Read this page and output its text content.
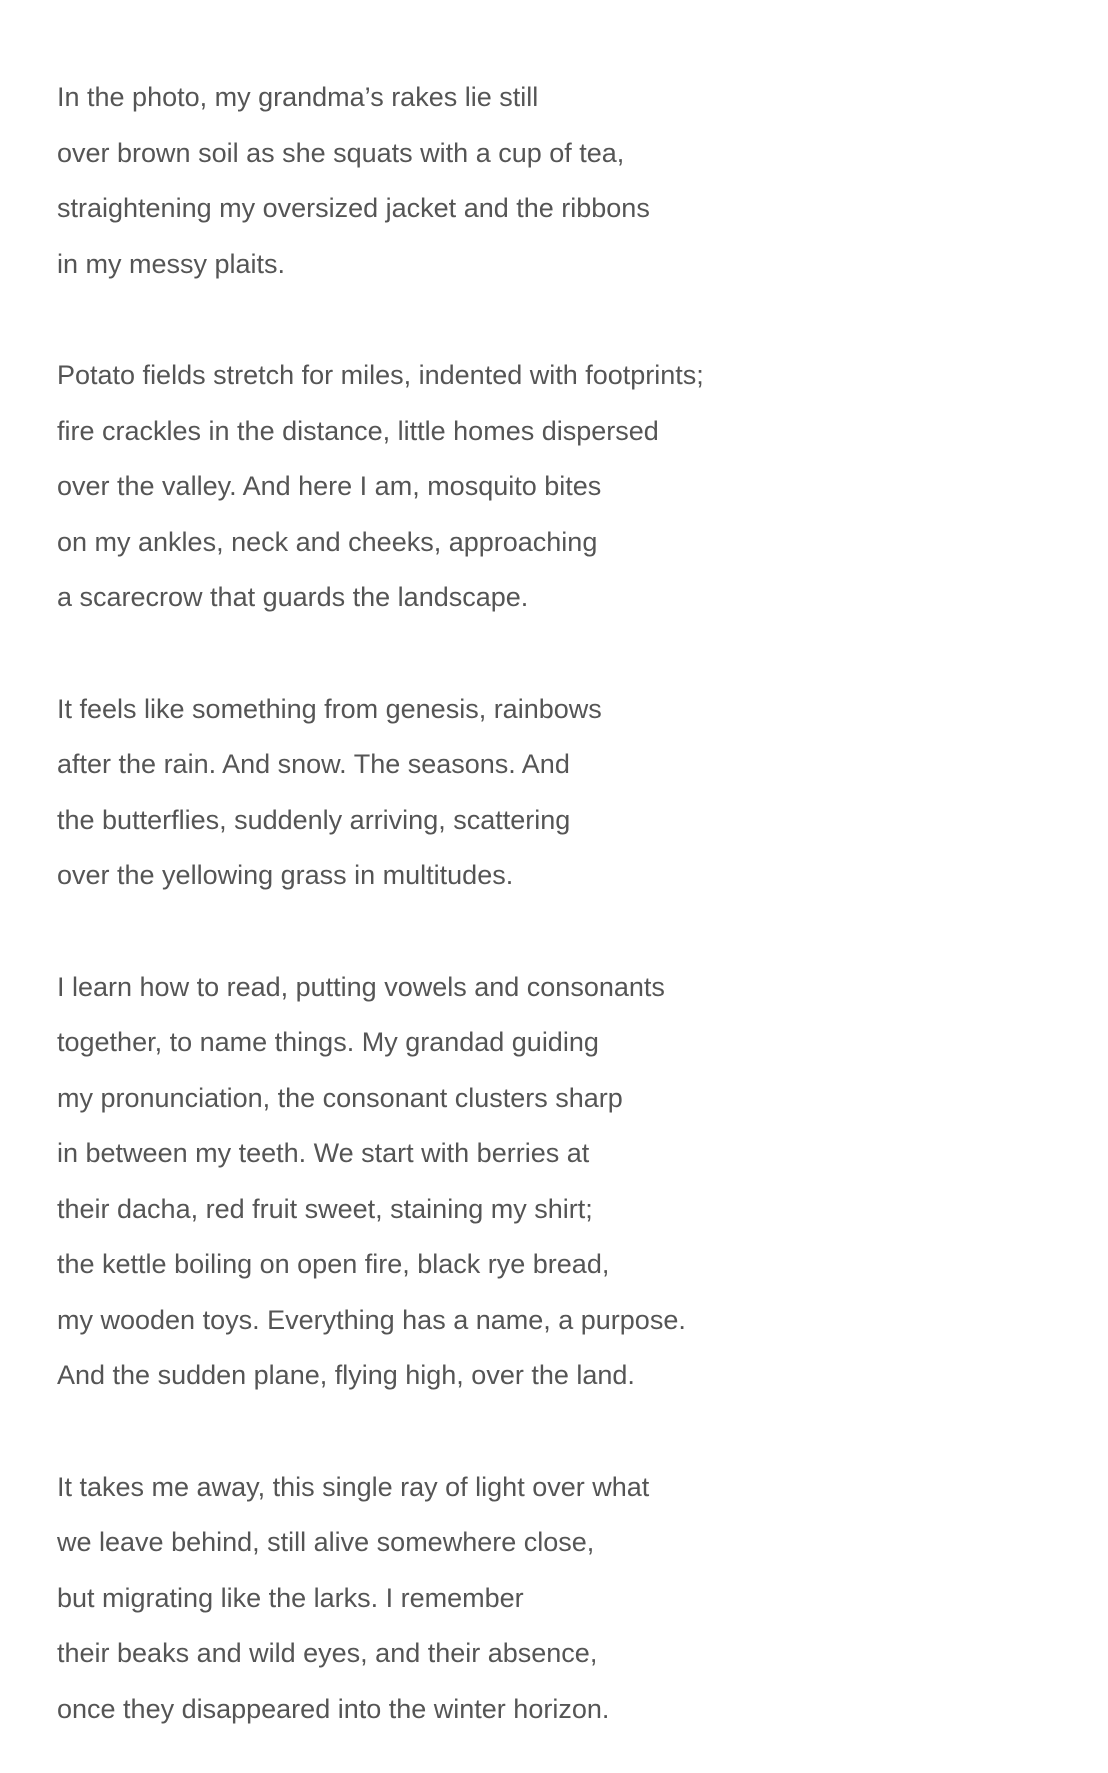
In the photo, my grandma’s rakes lie still
over brown soil as she squats with a cup of tea,
straightening my oversized jacket and the ribbons
in my messy plaits.

Potato fields stretch for miles, indented with footprints;
fire crackles in the distance, little homes dispersed
over the valley. And here I am, mosquito bites
on my ankles, neck and cheeks, approaching
a scarecrow that guards the landscape.

It feels like something from genesis, rainbows
after the rain. And snow. The seasons. And
the butterflies, suddenly arriving, scattering
over the yellowing grass in multitudes.

I learn how to read, putting vowels and consonants
together, to name things. My grandad guiding
my pronunciation, the consonant clusters sharp
in between my teeth. We start with berries at
their dacha, red fruit sweet, staining my shirt;
the kettle boiling on open fire, black rye bread,
my wooden toys. Everything has a name, a purpose.
And the sudden plane, flying high, over the land.

It takes me away, this single ray of light over what
we leave behind, still alive somewhere close,
but migrating like the larks. I remember
their beaks and wild eyes, and their absence,
once they disappeared into the winter horizon.
